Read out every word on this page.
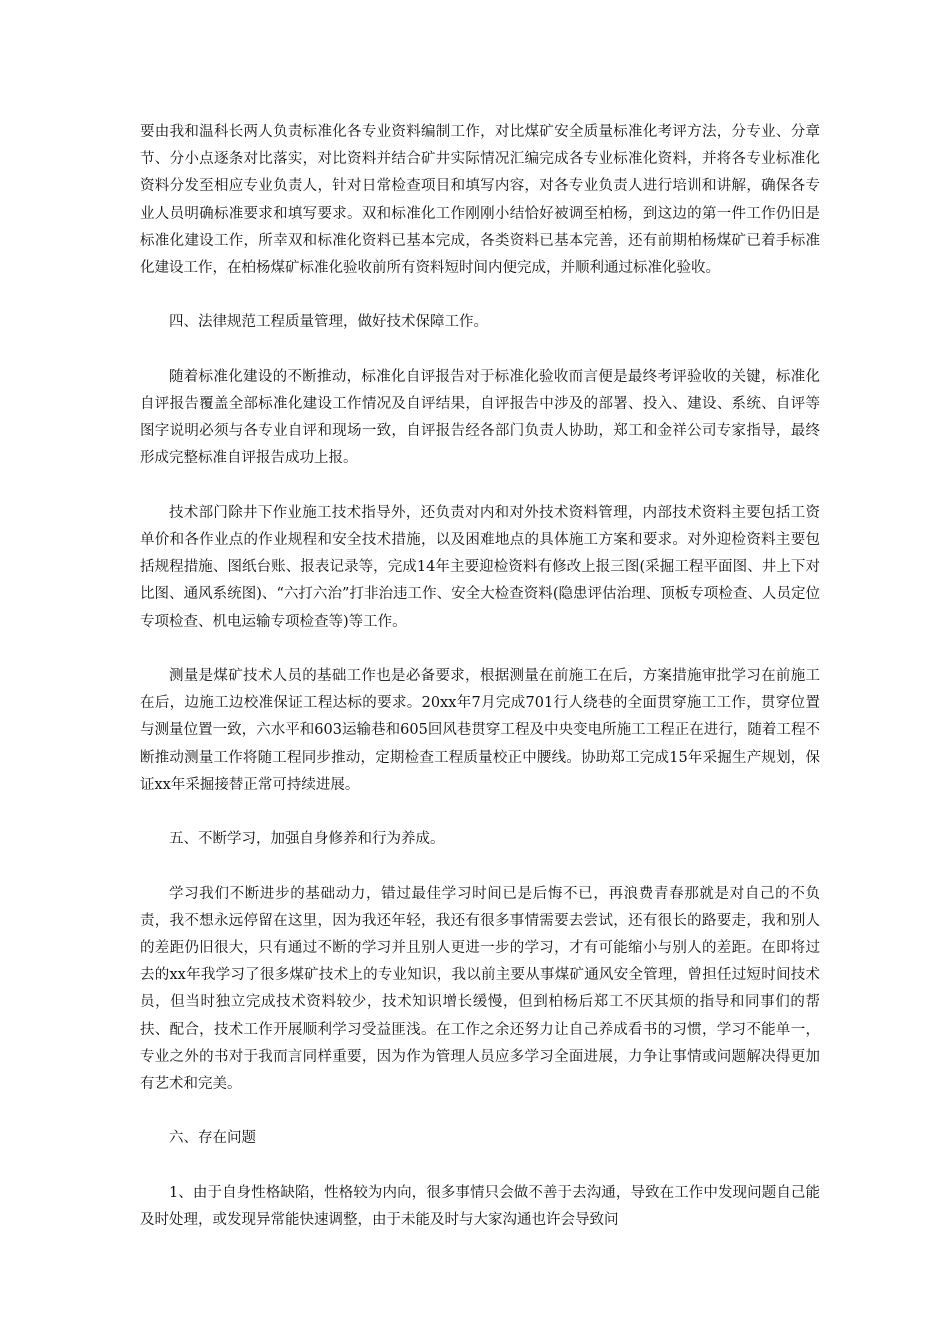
要由我和温科长两人负责标准化各专业资料编制工作，对比煤矿安全质量标准化考评方法，分专业、分章节、分小点逐条对比落实，对比资料并结合矿井实际情况汇编完成各专业标准化资料，并将各专业标准化资料分发至相应专业负责人，针对日常检查项目和填写内容，对各专业负责人进行培训和讲解，确保各专业人员明确标准要求和填写要求。双和标准化工作刚刚小结恰好被调至柏杨，到这边的第一件工作仍旧是标准化建设工作，所幸双和标准化资料已基本完成，各类资料已基本完善，还有前期柏杨煤矿已着手标准化建设工作，在柏杨煤矿标准化验收前所有资料短时间内便完成，并顺利通过标准化验收。

四、法律规范工程质量管理，做好技术保障工作。

随着标准化建设的不断推动，标准化自评报告对于标准化验收而言便是最终考评验收的关键，标准化自评报告覆盖全部标准化建设工作情况及自评结果，自评报告中涉及的部署、投入、建设、系统、自评等图字说明必须与各专业自评和现场一致，自评报告经各部门负责人协助，郑工和金祥公司专家指导，最终形成完整标准自评报告成功上报。

技术部门除井下作业施工技术指导外，还负责对内和对外技术资料管理，内部技术资料主要包括工资单价和各作业点的作业规程和安全技术措施，以及困难地点的具体施工方案和要求。对外迎检资料主要包括规程措施、图纸台账、报表记录等，完成14年主要迎检资料有修改上报三图(采掘工程平面图、井上下对比图、通风系统图)、“六打六治”打非治违工作、安全大检查资料(隐患评估治理、顶板专项检查、人员定位专项检查、机电运输专项检查等)等工作。

测量是煤矿技术人员的基础工作也是必备要求，根据测量在前施工在后，方案措施审批学习在前施工在后，边施工边校准保证工程达标的要求。20xx年7月完成701行人绕巷的全面贯穿施工工作，贯穿位置与测量位置一致，六水平和603运输巷和605回风巷贯穿工程及中央变电所施工工程正在进行，随着工程不断推动测量工作将随工程同步推动，定期检查工程质量校正中腰线。协助郑工完成15年采掘生产规划，保证xx年采掘接替正常可持续进展。

五、不断学习，加强自身修养和行为养成。

学习我们不断进步的基础动力，错过最佳学习时间已是后悔不已，再浪费青春那就是对自己的不负责，我不想永远停留在这里，因为我还年轻，我还有很多事情需要去尝试，还有很长的路要走，我和别人的差距仍旧很大，只有通过不断的学习并且别人更进一步的学习，才有可能缩小与别人的差距。在即将过去的xx年我学习了很多煤矿技术上的专业知识，我以前主要从事煤矿通风安全管理，曾担任过短时间技术员，但当时独立完成技术资料较少，技术知识增长缓慢，但到柏杨后郑工不厌其烦的指导和同事们的帮扶、配合，技术工作开展顺利学习受益匪浅。在工作之余还努力让自己养成看书的习惯，学习不能单一，专业之外的书对于我而言同样重要，因为作为管理人员应多学习全面进展，力争让事情或问题解决得更加有艺术和完美。

六、存在问题

1、由于自身性格缺陷，性格较为内向，很多事情只会做不善于去沟通，导致在工作中发现问题自己能及时处理，或发现异常能快速调整，由于未能及时与大家沟通也许会导致问
